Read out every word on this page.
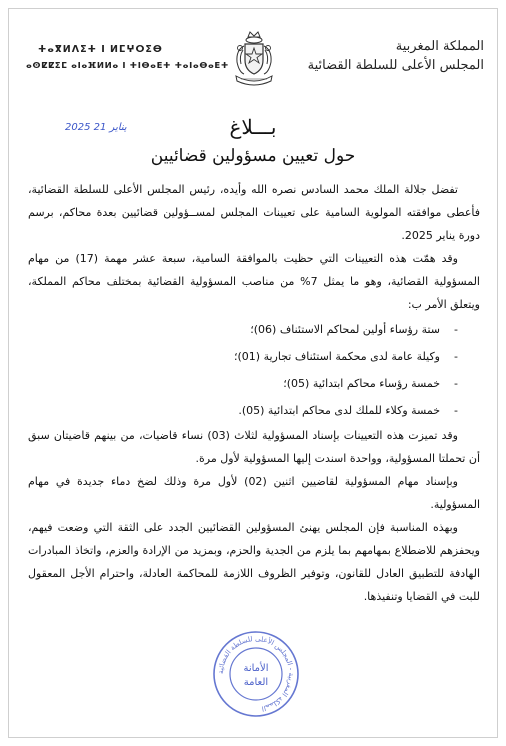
المملكة المغربية
المجلس الأعلى للسلطة القضائية
ⵜⴰⴳⵍⴷⵉⵜ ⵏ ⵍⵎⵖⵔⵉⴱ
ⴰⵙⵇⵇⵉⵎ ⴰⵏⴰⴼⵍⵍⴰ ⵏ ⵜⵏⴱⴰⴹⵜ ⵜⴰⵏⴰⴱⴰⴹⵜ
2025 يناير 21	بـــلاغ
حول تعيين مسؤولين قضائيين

تفضل جلالة الملك محمد السادس نصره الله وأيده، رئيس المجلس الأعلى للسلطة القضائية، فأعطى موافقته المولوية السامية على تعيينات المجلس لمســؤولين قضائيين بعدة محاكم، برسم دورة يناير 2025.

وقد همّت هذه التعيينات التي حظيت بالموافقة السامية، سبعة عشر مهمة (17) من مهام المسؤولية القضائية، وهو ما يمثل 7% من مناصب المسؤولية القضائية بمختلف محاكم المملكة، ويتعلق الأمر ب:

- ستة رؤساء أولين لمحاكم الاستئناف (06)؛
- وكيلة عامة لدى محكمة استئناف تجارية (01)؛
- خمسة رؤساء محاكم ابتدائية (05)؛
- خمسة وكلاء للملك لدى محاكم ابتدائية (05).

وقد تميزت هذه التعيينات بإسناد المسؤولية لثلاث (03) نساء قاضيات، من بينهم قاضيتان سبق أن تحملتا المسؤولية، وواحدة اسندت إليها المسؤولية لأول مرة.

وبإسناد مهام المسؤولية لقاضيين اثنين (02) لأول مرة وذلك لضخ دماء جديدة في مهام المسؤولية.

وبهذه المناسبة فإن المجلس يهنئ المسؤولين القضائيين الجدد على الثقة التي وضعت فيهم، ويحفزهم للاضطلاع بمهامهم بما يلزم من الجدية والحزم، وبمزيد من الإرادة والعزم، واتخاذ المبادرات الهادفة للتطبيق العادل للقانون، وتوفير الظروف اللازمة للمحاكمة العادلة، واحترام الأجل المعقول للبت في القضايا وتنفيذها.

المملكة المغربية - المجلس الأعلى للسلطة القضائية
الأمانة
العامة
